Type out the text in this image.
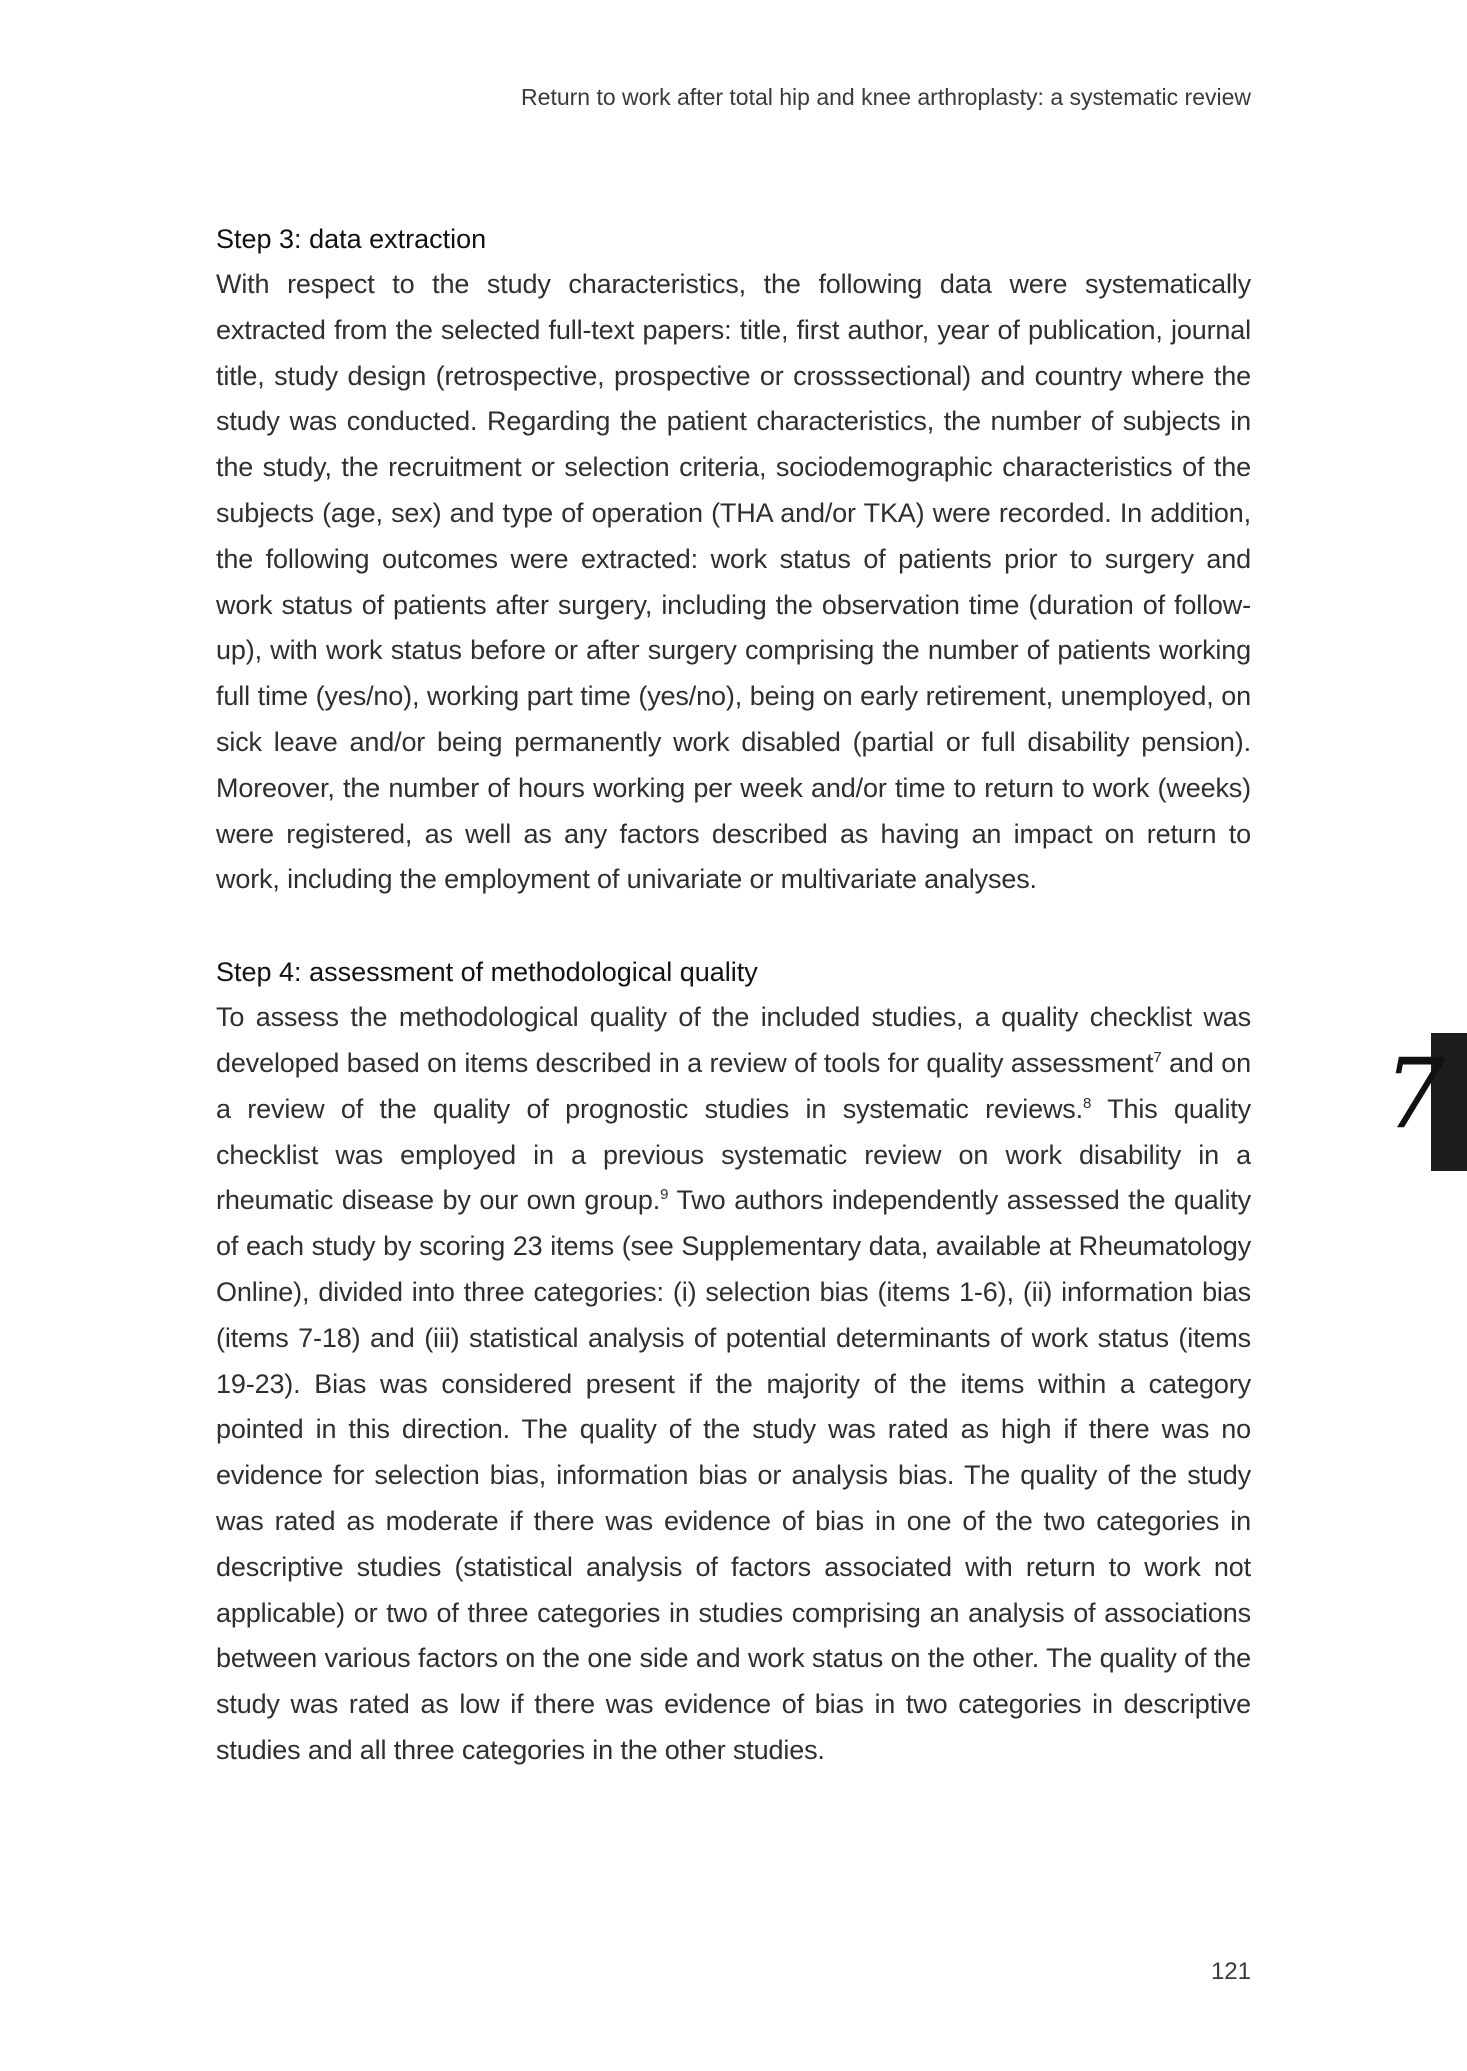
Return to work after total hip and knee arthroplasty: a systematic review
Step 3: data extraction

With respect to the study characteristics, the following data were systematically extracted from the selected full-text papers: title, first author, year of publication, journal title, study design (retrospective, prospective or crosssectional) and country where the study was conducted. Regarding the patient characteristics, the number of subjects in the study, the recruitment or selection criteria, sociodemographic characteristics of the subjects (age, sex) and type of operation (THA and/or TKA) were recorded. In addition, the following outcomes were extracted: work status of patients prior to surgery and work status of patients after surgery, including the observation time (duration of follow-up), with work status before or after surgery comprising the number of patients working full time (yes/no), working part time (yes/no), being on early retirement, unemployed, on sick leave and/or being permanently work disabled (partial or full disability pension). Moreover, the number of hours working per week and/or time to return to work (weeks) were registered, as well as any factors described as having an impact on return to work, including the employment of univariate or multivariate analyses.

Step 4: assessment of methodological quality

To assess the methodological quality of the included studies, a quality checklist was developed based on items described in a review of tools for quality assessment$^7$ and on a review of the quality of prognostic studies in systematic reviews.$^8$ This quality checklist was employed in a previous systematic review on work disability in a rheumatic disease by our own group.$^9$ Two authors independently assessed the quality of each study by scoring 23 items (see Supplementary data, available at Rheumatology Online), divided into three categories: (i) selection bias (items 1-6), (ii) information bias (items 7-18) and (iii) statistical analysis of potential determinants of work status (items 19-23). Bias was considered present if the majority of the items within a category pointed in this direction. The quality of the study was rated as high if there was no evidence for selection bias, information bias or analysis bias. The quality of the study was rated as moderate if there was evidence of bias in one of the two categories in descriptive studies (statistical analysis of factors associated with return to work not applicable) or two of three categories in studies comprising an analysis of associations between various factors on the one side and work status on the other. The quality of the study was rated as low if there was evidence of bias in two categories in descriptive studies and all three categories in the other studies.

7
121
